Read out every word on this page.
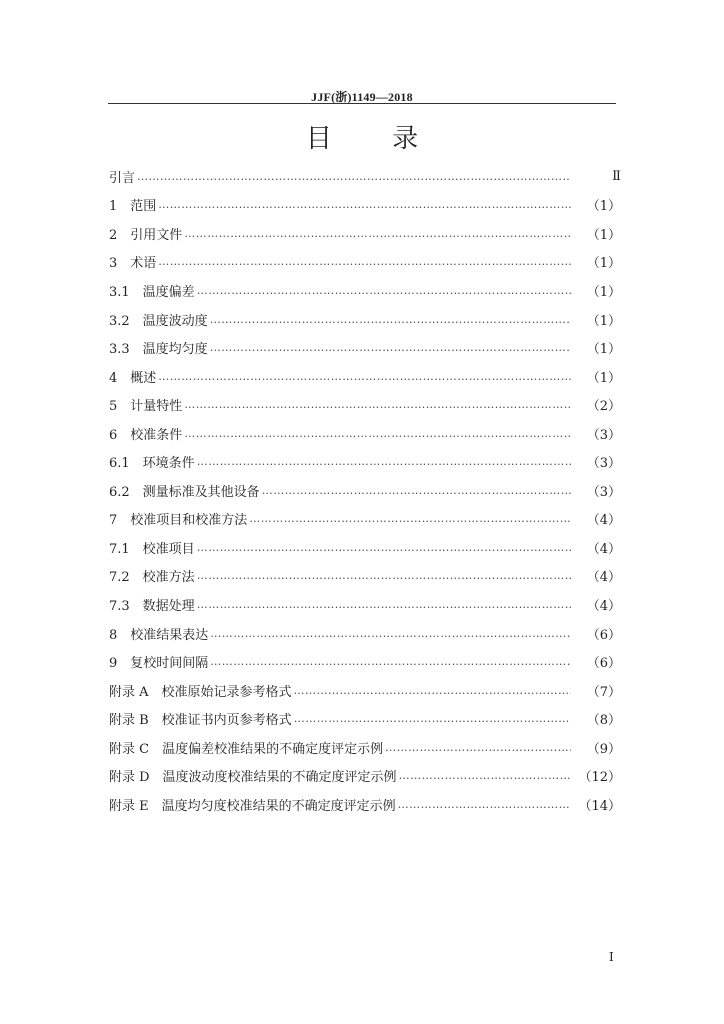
JJF(浙)1149—2018
目 录
引言 …………………………………………………………………………………………………………………………………………	Ⅱ
1　范围 …………………………………………………………………………………………………………………………………………	（1）
2　引用文件 …………………………………………………………………………………………………………………………………………	（1）
3　术语 …………………………………………………………………………………………………………………………………………	（1）
3.1　温度偏差 …………………………………………………………………………………………………………………………………………	（1）
3.2　温度波动度 …………………………………………………………………………………………………………………………………………	（1）
3.3　温度均匀度 …………………………………………………………………………………………………………………………………………	（1）
4　概述 …………………………………………………………………………………………………………………………………………	（1）
5　计量特性 …………………………………………………………………………………………………………………………………………	（2）
6　校准条件 …………………………………………………………………………………………………………………………………………	（3）
6.1　环境条件 …………………………………………………………………………………………………………………………………………	（3）
6.2　测量标准及其他设备 …………………………………………………………………………………………………………………………………………	（3）
7　校准项目和校准方法 …………………………………………………………………………………………………………………………………………	（4）
7.1　校准项目 …………………………………………………………………………………………………………………………………………	（4）
7.2　校准方法 …………………………………………………………………………………………………………………………………………	（4）
7.3　数据处理 …………………………………………………………………………………………………………………………………………	（4）
8　校准结果表达 …………………………………………………………………………………………………………………………………………	（6）
9　复校时间间隔 …………………………………………………………………………………………………………………………………………	（6）
附录 A　校准原始记录参考格式 …………………………………………………………………………………………………………………………………………	（7）
附录 B　校准证书内页参考格式 …………………………………………………………………………………………………………………………………………	（8）
附录 C　温度偏差校准结果的不确定度评定示例 …………………………………………………………………………………………………………………………………………	（9）
附录 D　温度波动度校准结果的不确定度评定示例 …………………………………………………………………………………………………………………………………………	（12）
附录 E　温度均匀度校准结果的不确定度评定示例 …………………………………………………………………………………………………………………………………………	（14）
Ⅰ
